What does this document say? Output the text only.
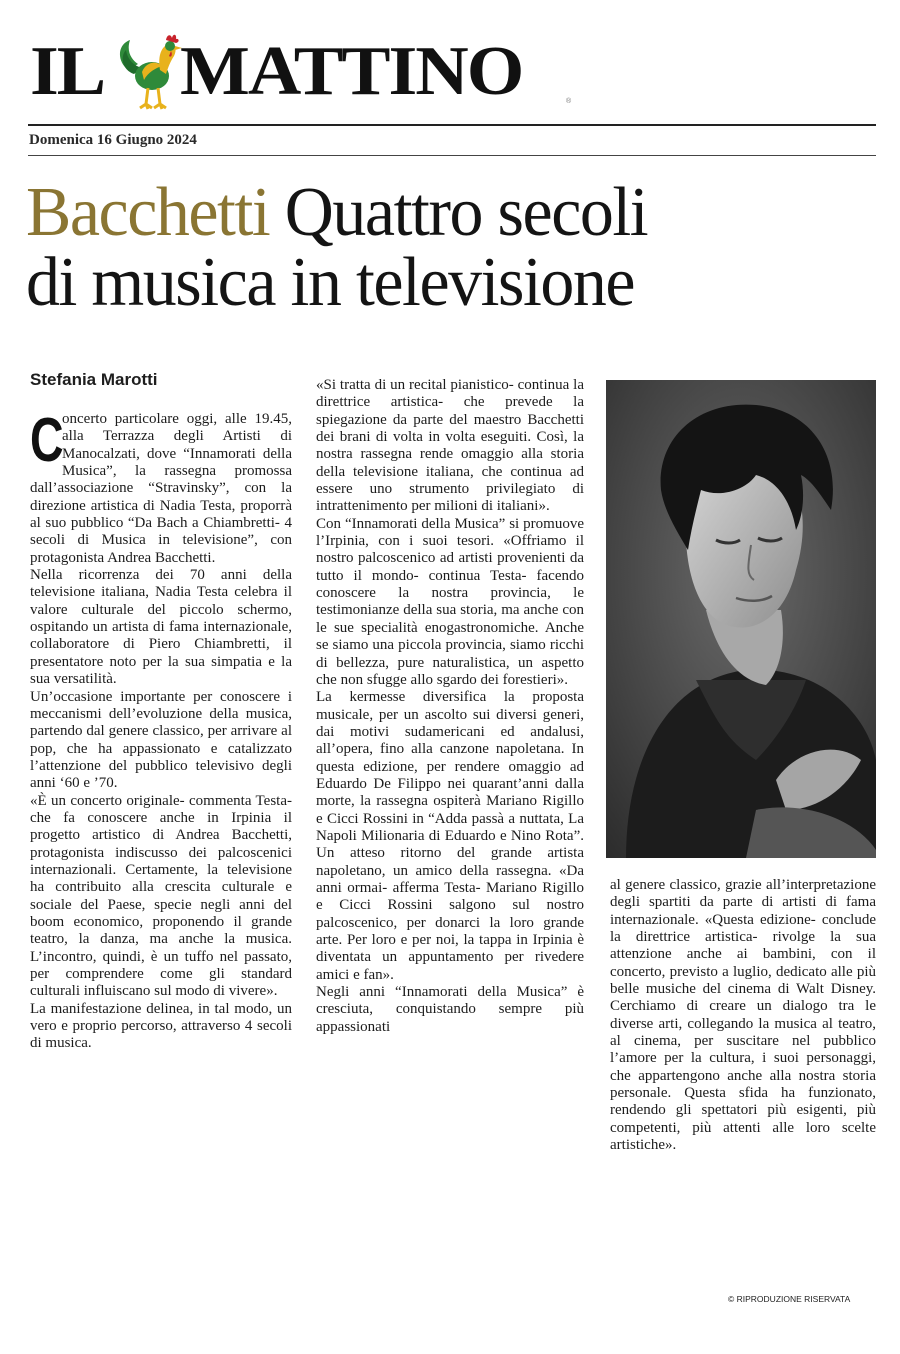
IL MATTINO	®
Domenica 16 Giugno 2024
Bacchetti Quattro secoli
di musica in televisione
Stefania Marotti

C
oncerto particolare oggi, alle 19.45, alla Terrazza degli Artisti di Manocalzati, dove “Innamorati della Musica”, la rassegna promossa dall’associazione “Stravinsky”, con la direzione artistica di Nadia Testa, proporrà al suo pubblico “Da Bach a Chiambretti- 4 secoli di Musica in televisione”, con protagonista Andrea Bacchetti.

Nella ricorrenza dei 70 anni della televisione italiana, Nadia Testa celebra il valore culturale del piccolo schermo, ospitando un artista di fama internazionale, collaboratore di Piero Chiambretti, il presentatore noto per la sua simpatia e la sua versatilità.

Un’occasione importante per conoscere i meccanismi dell’evoluzione della musica, partendo dal genere classico, per arrivare al pop, che ha appassionato e catalizzato l’attenzione del pubblico televisivo degli anni ‘60 e ’70.

«È un concerto originale- commenta Testa- che fa conoscere anche in Irpinia il progetto artistico di Andrea Bacchetti, protagonista indiscusso dei palcoscenici internazionali. Certamente, la televisione ha contribuito alla crescita culturale e sociale del Paese, specie negli anni del boom economico, proponendo il grande teatro, la danza, ma anche la musica. L’incontro, quindi, è un tuffo nel passato, per comprendere come gli standard culturali influiscano sul modo di vivere».

La manifestazione delinea, in tal modo, un vero e proprio percorso, attraverso 4 secoli di musica.

«Si tratta di un recital pianistico- continua la direttrice artistica- che prevede la spiegazione da parte del maestro Bacchetti dei brani di volta in volta eseguiti. Così, la nostra rassegna rende omaggio alla storia della televisione italiana, che continua ad essere uno strumento privilegiato di intrattenimento per milioni di italiani».

Con “Innamorati della Musica” si promuove l’Irpinia, con i suoi tesori. «Offriamo il nostro palcoscenico ad artisti provenienti da tutto il mondo- continua Testa- facendo conoscere la nostra provincia, le testimonianze della sua storia, ma anche con le sue specialità enogastronomiche. Anche se siamo una piccola provincia, siamo ricchi di bellezza, pure naturalistica, un aspetto che non sfugge allo sgardo dei forestieri».

La kermesse diversifica la proposta musicale, per un ascolto sui diversi generi, dai motivi sudamericani ed andalusi, all’opera, fino alla canzone napoletana. In questa edizione, per rendere omaggio ad Eduardo De Filippo nei quarant’anni dalla morte, la rassegna ospiterà Mariano Rigillo e Cicci Rossini in “Adda passà a nuttata, La Napoli Milionaria di Eduardo e Nino Rota”. Un atteso ritorno del grande artista napoletano, un amico della rassegna. «Da anni ormai- afferma Testa- Mariano Rigillo e Cicci Rossini salgono sul nostro palcoscenico, per donarci la loro grande arte. Per loro e per noi, la tappa in Irpinia è diventata un appuntamento per rivedere amici e fan».

Negli anni “Innamorati della Musica” è cresciuta, conquistando sempre più appassionati

al genere classico, grazie all’interpretazione degli spartiti da parte di artisti di fama internazionale. «Questa edizione- conclude la direttrice artistica- rivolge la sua attenzione anche ai bambini, con il concerto, previsto a luglio, dedicato alle più belle musiche del cinema di Walt Disney. Cerchiamo di creare un dialogo tra le diverse arti, collegando la musica al teatro, al cinema, per suscitare nel pubblico l’amore per la cultura, i suoi personaggi, che appartengono anche alla nostra storia personale. Questa sfida ha funzionato, rendendo gli spettatori più esigenti, più competenti, più attenti alle loro scelte artistiche».

© RIPRODUZIONE RISERVATA
